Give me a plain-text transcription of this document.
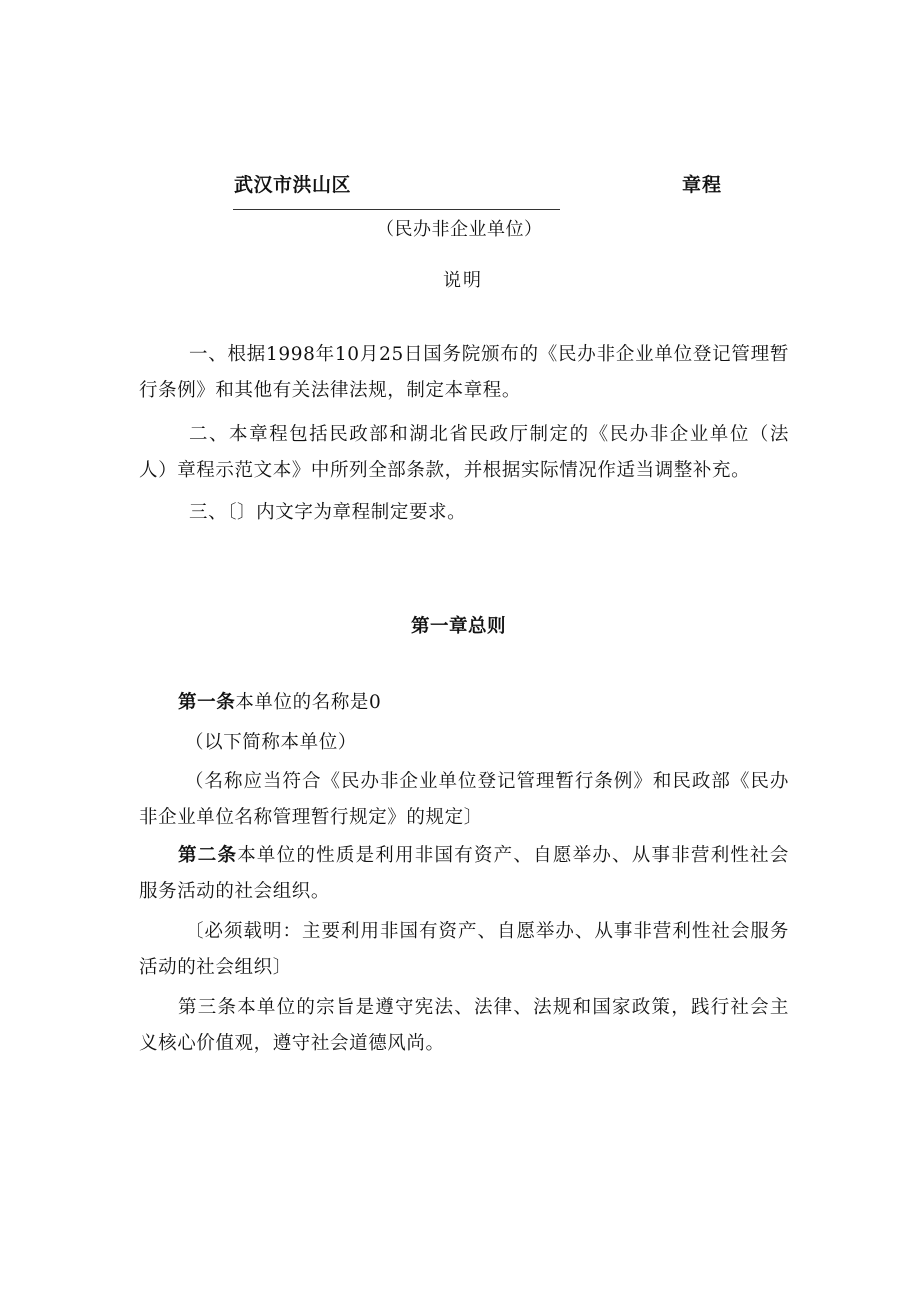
武汉市洪山区	章程
（民办非企业单位）
说明
一、根据1998年10月25日国务院颁布的《民办非企业单位登记管理暂行条例》和其他有关法律法规，制定本章程。
二、本章程包括民政部和湖北省民政厅制定的《民办非企业单位（法人）章程示范文本》中所列全部条款，并根据实际情况作适当调整补充。
三、〔〕内文字为章程制定要求。
第一章总则
第一条本单位的名称是0
（以下简称本单位）
（名称应当符合《民办非企业单位登记管理暂行条例》和民政部《民办非企业单位名称管理暂行规定》的规定〕
第二条本单位的性质是利用非国有资产、自愿举办、从事非营利性社会服务活动的社会组织。
〔必须载明：主要利用非国有资产、自愿举办、从事非营利性社会服务活动的社会组织〕
第三条本单位的宗旨是遵守宪法、法律、法规和国家政策，践行社会主义核心价值观，遵守社会道德风尚。
